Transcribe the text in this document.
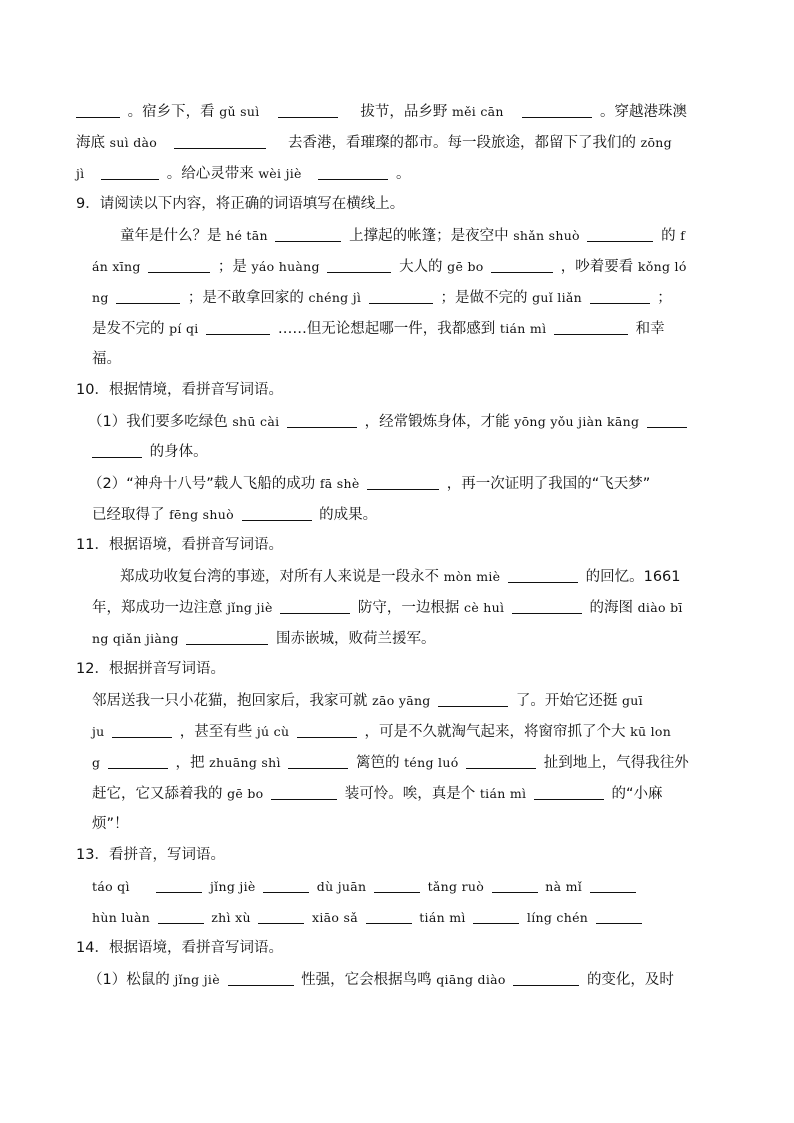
。宿乡下，看 gǔ suì	拔节，品乡野 měi cān	。穿越港珠澳
海底 suì dào	去香港，看璀璨的都市。每一段旅途，都留下了我们的 zōng
jì	。给心灵带来 wèi jiè	。
9．请阅读以下内容，将正确的词语填写在横线上。
童年是什么？是 hé tān	上撑起的帐篷；是夜空中 shǎn shuò	的 f
án xīng	；是 yáo huàng	大人的 gē bo	，吵着要看 kǒng ló
ng	；是不敢拿回家的 chéng jì	；是做不完的 guǐ liǎn	；
是发不完的 pí qi	……但无论想起哪一件，我都感到 tián mì	和幸
福。
10．根据情境，看拼音写词语。
（1）我们要多吃绿色 shū cài	，经常锻炼身体，才能 yōng yǒu jiàn kāng
的身体。
（2）“神舟十八号”载人飞船的成功 fā shè	，再一次证明了我国的“飞天梦”
已经取得了 fēng shuò	的成果。
11．根据语境，看拼音写词语。
郑成功收复台湾的事迹，对所有人来说是一段永不 mòn miè	的回忆。1661
年，郑成功一边注意 jǐng jiè	防守，一边根据 cè huì	的海图 diào bī
ng qiǎn jiàng	围赤嵌城，败荷兰援军。
12．根据拼音写词语。
邻居送我一只小花猫，抱回家后，我家可就 zāo yāng	了。开始它还挺 guī
ju	，甚至有些 jú cù	，可是不久就淘气起来，将窗帘抓了个大 kū lon
g	，把 zhuāng shì	篱笆的 téng luó	扯到地上，气得我往外
赶它，它又舔着我的 gē bo	装可怜。唉，真是个 tián mì	的“小麻
烦”！
13．看拼音，写词语。
táo qì	jǐng jiè	dù juān	tǎng ruò	nà mǐ
hùn luàn	zhì xù	xiāo sǎ	tián mì	líng chén
14．根据语境，看拼音写词语。
（1）松鼠的 jǐng jiè	性强，它会根据鸟鸣 qiāng diào	的变化，及时
